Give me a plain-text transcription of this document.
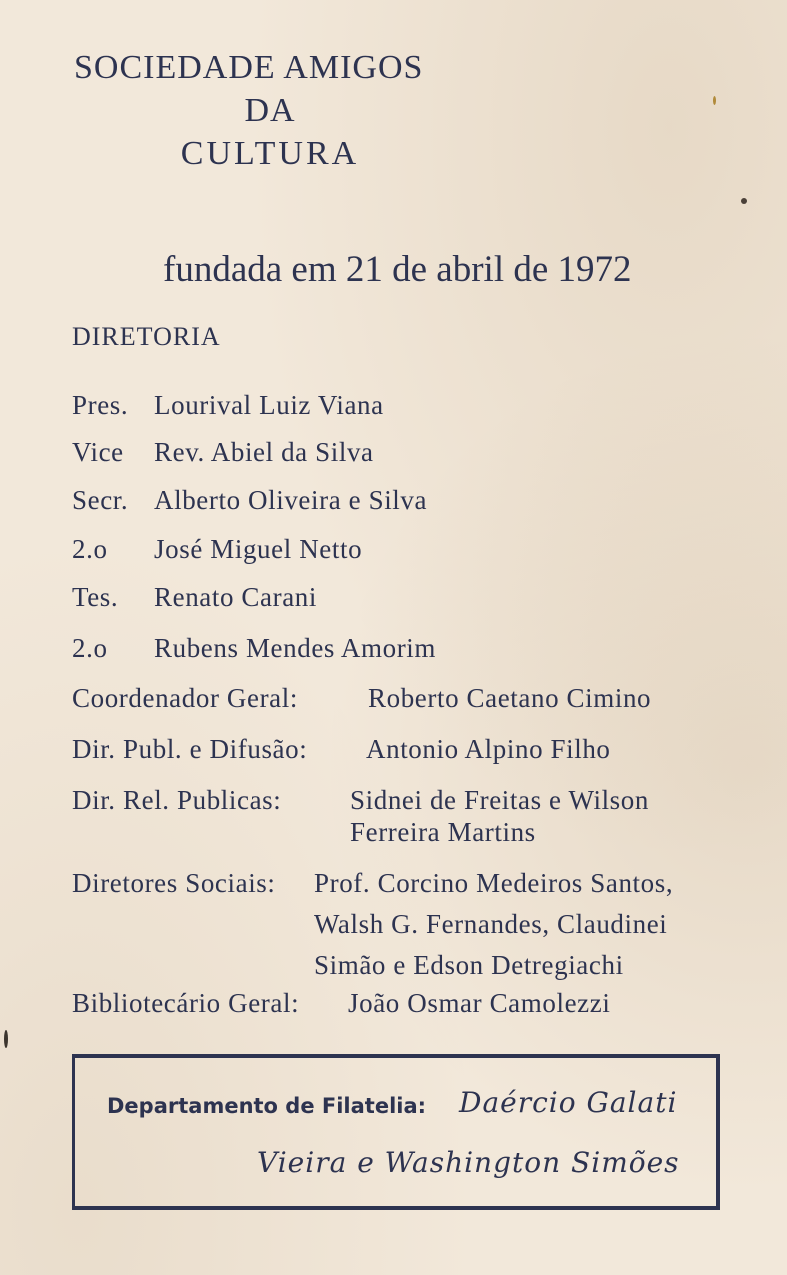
SOCIEDADE AMIGOS
DA
CULTURA
fundada em 21 de abril de 1972
DIRETORIA
Pres. Lourival Luiz Viana
Vice Rev. Abiel da Silva
Secr. Alberto Oliveira e Silva
2.o José Miguel Netto
Tes. Renato Carani
2.o Rubens Mendes Amorim
Coordenador Geral:	Roberto Caetano Cimino
Dir. Publ. e Difusão: Antonio Alpino Filho
Dir. Rel. Publicas:	Sidnei de Freitas e Wilson
Ferreira Martins
Diretores Sociais: Prof. Corcino Medeiros Santos,
Walsh G. Fernandes, Claudinei
Simão e Edson Detregiachi
Bibliotecário Geral: João Osmar Camolezzi
Departamento de Filatelia: Daércio Galati
Vieira e Washington Simões
